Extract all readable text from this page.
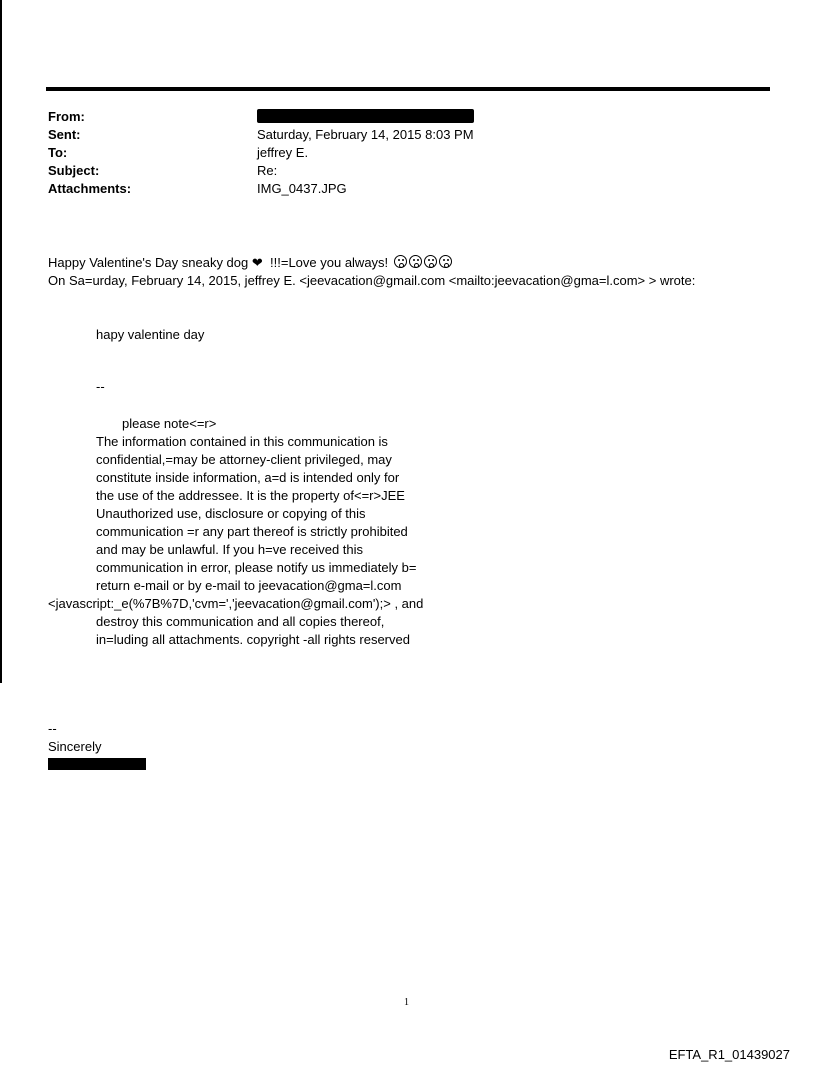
From:
Sent:	Saturday, February 14, 2015 8:03 PM
To:	jeffrey E.
Subject:	Re:
Attachments:	IMG_0437.JPG
Happy Valentine's Day sneaky dog ❤ !!!=Love you always!
On Sa=urday, February 14, 2015, jeffrey E. <jeevacation@gmail.com <mailto:jeevacation@gma=l.com> > wrote:
hapy valentine day
--
please note<=r>
The information contained in this communication is
confidential,=may be attorney-client privileged, may
constitute inside information, a=d is intended only for
the use of the addressee. It is the property of<=r>JEE
Unauthorized use, disclosure or copying of this
communication =r any part thereof is strictly prohibited
and may be unlawful. If you h=ve received this
communication in error, please notify us immediately b=
return e-mail or by e-mail to jeevacation@gma=l.com
<javascript:_e(%7B%7D,'cvm=','jeevacation@gmail.com');> , and
destroy this communication and all copies thereof,
in=luding all attachments. copyright -all rights reserved
--
Sincerely
1
EFTA_R1_01439027
